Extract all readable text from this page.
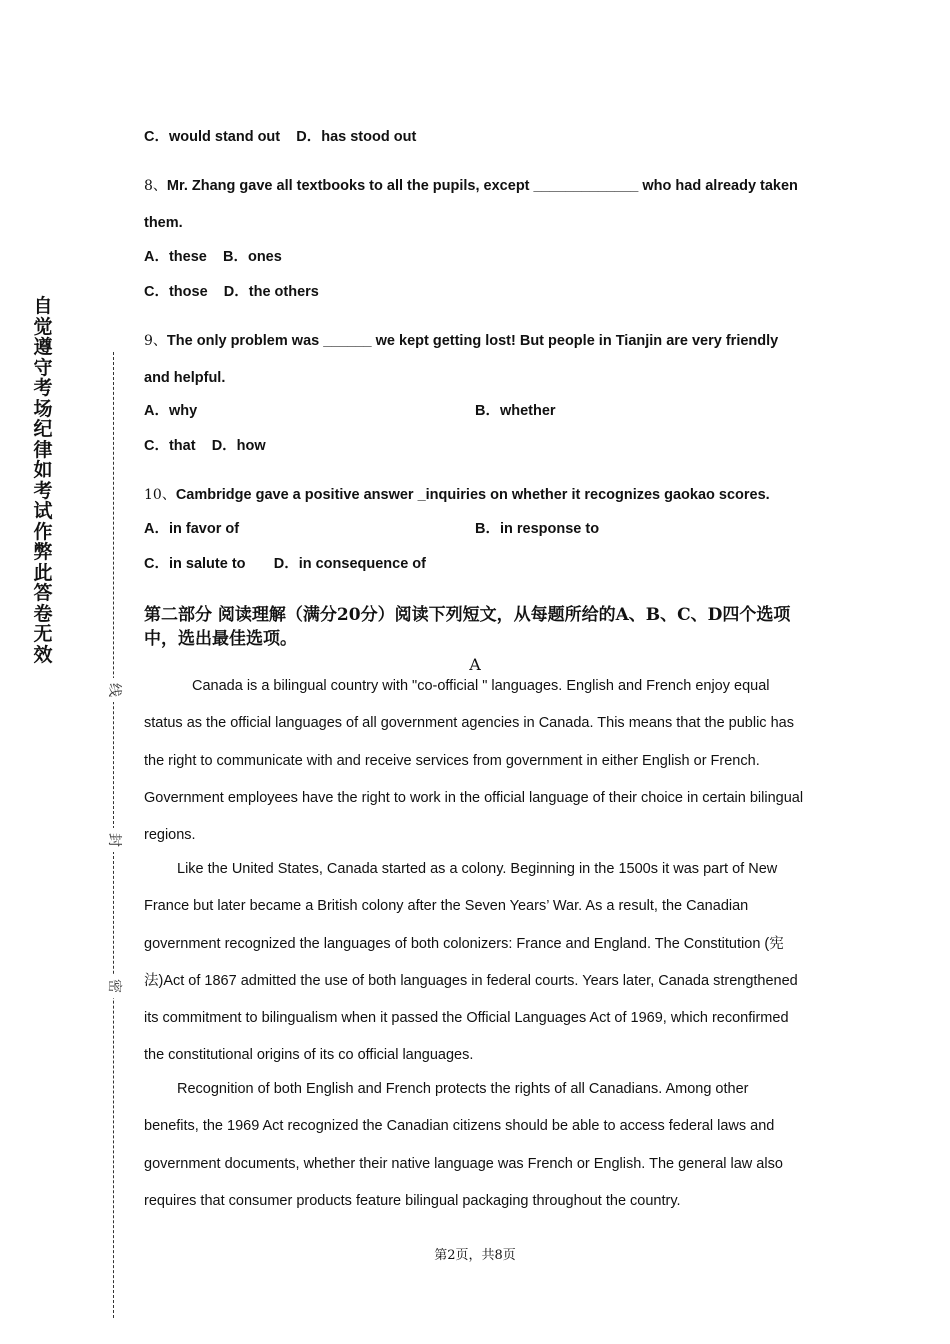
自觉遵守考场纪律如考试作弊此答卷无效
线
封
密
C．would stand out D．has stood out
8、Mr. Zhang gave all textbooks to all the pupils, except _____________ who had already taken
them.
A．these B．ones
C．those D．the others
9、The only problem was ______ we kept getting lost! But people in Tianjin are very friendly
and helpful.
A．why	B．whether
C．that D．how
10、Cambridge gave a positive answer _inquiries on whether it recognizes gaokao scores.
A．in favor of	B．in response to
C．in salute to D．in consequence of
第二部分 阅读理解（满分20分）阅读下列短文，从每题所给的A、B、C、D四个选项中，选出最佳选项。
A
Canada is a bilingual country with "co-official " languages. English and French enjoy equal status as the official languages of all government agencies in Canada. This means that the public has the right to communicate with and receive services from government in either English or French. Government employees have the right to work in the official language of their choice in certain bilingual regions.
Like the United States, Canada started as a colony. Beginning in the 1500s it was part of New France but later became a British colony after the Seven Years’ War. As a result, the Canadian government recognized the languages of both colonizers: France and England. The Constitution (宪法)Act of 1867 admitted the use of both languages in federal courts. Years later, Canada strengthened its commitment to bilingualism when it passed the Official Languages Act of 1969, which reconfirmed the constitutional origins of its co official languages.
Recognition of both English and French protects the rights of all Canadians. Among other benefits, the 1969 Act recognized the Canadian citizens should be able to access federal laws and government documents, whether their native language was French or English. The general law also requires that consumer products feature bilingual packaging throughout the country.
第2页，共8页
